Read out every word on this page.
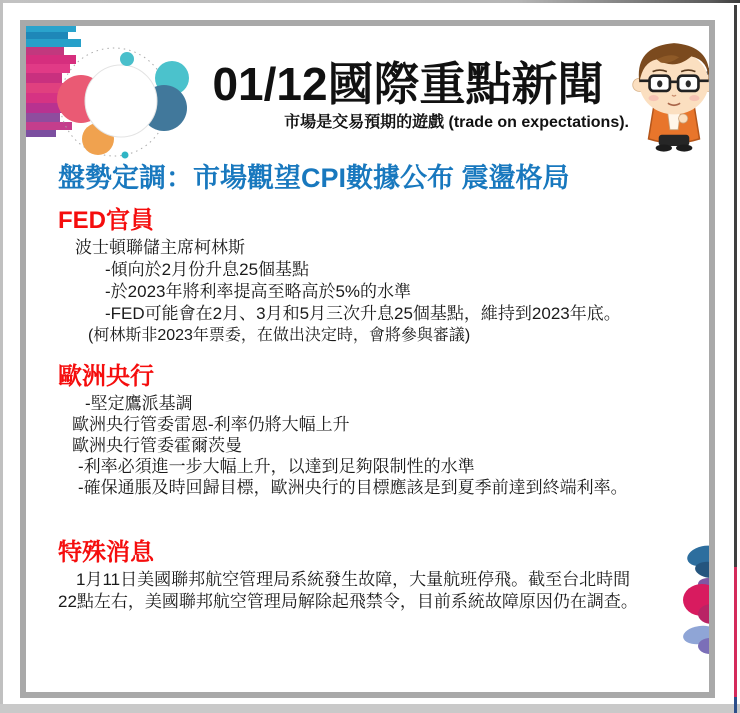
01/12國際重點新聞
市場是交易預期的遊戲 (trade on expectations).
盤勢定調：市場觀望CPI數據公布 震盪格局
FED官員
波士頓聯儲主席柯林斯
-傾向於2月份升息25個基點
-於2023年將利率提高至略高於5%的水準
-FED可能會在2月、3月和5月三次升息25個基點，維持到2023年底。
(柯林斯非2023年票委，在做出決定時，會將參與審議)
歐洲央行
-堅定鷹派基調
歐洲央行管委雷恩-利率仍將大幅上升
歐洲央行管委霍爾茨曼
-利率必須進一步大幅上升，以達到足夠限制性的水準
-確保通脹及時回歸目標，歐洲央行的目標應該是到夏季前達到終端利率。
特殊消息
1月11日美國聯邦航空管理局系統發生故障，大量航班停飛。截至台北時間
22點左右，美國聯邦航空管理局解除起飛禁令，目前系統故障原因仍在調查。
